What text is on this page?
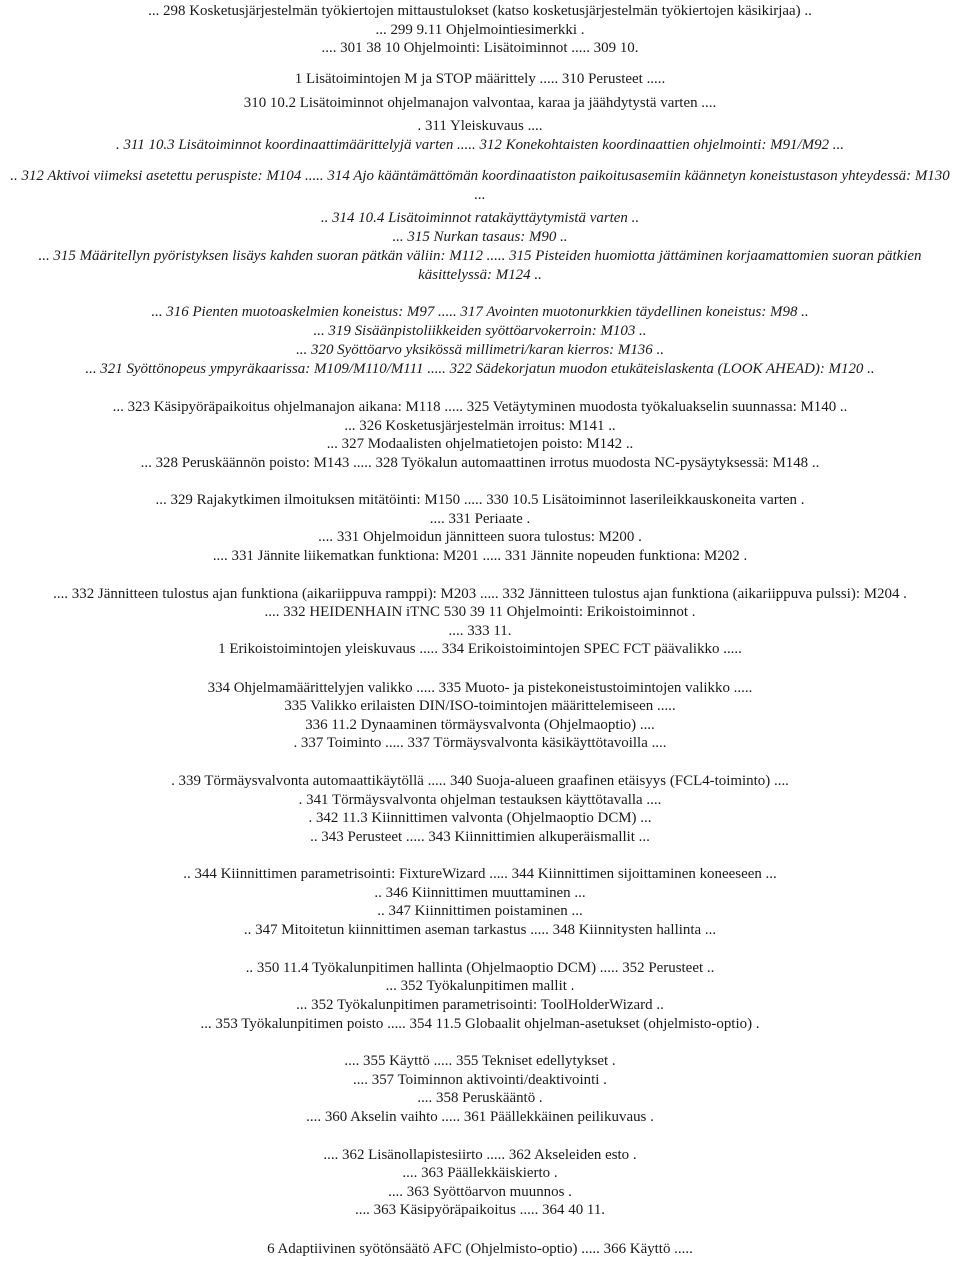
... 298 Kosketusjärjestelmän työkiertojen mittaustulokset (katso kosketusjärjestelmän työkiertojen käsikirjaa) ..
... 299 9.11 Ohjelmointiesimerkki .
.... 301 38 10 Ohjelmointi: Lisätoiminnot ..... 309 10.
1 Lisätoimintojen M ja STOP määrittely ..... 310 Perusteet .....
310 10.2 Lisätoiminnot ohjelmanajon valvontaa, karaa ja jäähdytystä varten ....
. 311 Yleiskuvaus ....
. 311 10.3 Lisätoiminnot koordinaattimäärittelyjä varten ..... 312 Konekohtaisten koordinaattien ohjelmointi: M91/M92 ...
.. 312 Aktivoi viimeksi asetettu peruspiste: M104 ..... 314 Ajo kääntämättömän koordinaatiston paikoitusasemiin käännetyn koneistustason yhteydessä: M130
...
.. 314 10.4 Lisätoiminnot ratakäyttäytymistä varten ..
... 315 Nurkan tasaus: M90 ..
... 315 Määritellyn pyöristyksen lisäys kahden suoran pätkän väliin: M112 ..... 315 Pisteiden huomiotta jättäminen korjaamattomien suoran pätkien
käsittelyssä: M124 ..
... 316 Pienten muotoaskelmien koneistus: M97 ..... 317 Avointen muotonurkkien täydellinen koneistus: M98 ..
... 319 Sisäänpistoliikkeiden syöttöarvokerroin: M103 ..
... 320 Syöttöarvo yksikössä millimetri/karan kierros: M136 ..
... 321 Syöttönopeus ympyräkaarissa: M109/M110/M111 ..... 322 Sädekorjatun muodon etukäteislaskenta (LOOK AHEAD): M120 ..
... 323 Käsipyöräpaikoitus ohjelmanajon aikana: M118 ..... 325 Vetäytyminen muodosta työkaluakselin suunnassa: M140 ..
... 326 Kosketusjärjestelmän irroitus: M141 ..
... 327 Modaalisten ohjelmatietojen poisto: M142 ..
... 328 Peruskäännön poisto: M143 ..... 328 Työkalun automaattinen irrotus muodosta NC-pysäytyksessä: M148 ..
... 329 Rajakytkimen ilmoituksen mitätöinti: M150 ..... 330 10.5 Lisätoiminnot laserileikkauskoneita varten .
.... 331 Periaate .
.... 331 Ohjelmoidun jännitteen suora tulostus: M200 .
.... 331 Jännite liikematkan funktiona: M201 ..... 331 Jännite nopeuden funktiona: M202 .
.... 332 Jännitteen tulostus ajan funktiona (aikariippuva ramppi): M203 ..... 332 Jännitteen tulostus ajan funktiona (aikariippuva pulssi): M204 .
.... 332 HEIDENHAIN iTNC 530 39 11 Ohjelmointi: Erikoistoiminnot .
.... 333 11.
1 Erikoistoimintojen yleiskuvaus ..... 334 Erikoistoimintojen SPEC FCT päävalikko .....
334 Ohjelmamäärittelyjen valikko ..... 335 Muoto- ja pistekoneistustoimintojen valikko .....
335 Valikko erilaisten DIN/ISO-toimintojen määrittelemiseen .....
336 11.2 Dynaaminen törmäysvalvonta (Ohjelmaoptio) ....
. 337 Toiminto ..... 337 Törmäysvalvonta käsikäyttötavoilla ....
. 339 Törmäysvalvonta automaattikäytöllä ..... 340 Suoja-alueen graafinen etäisyys (FCL4-toiminto) ....
. 341 Törmäysvalvonta ohjelman testauksen käyttötavalla ....
. 342 11.3 Kiinnittimen valvonta (Ohjelmaoptio DCM) ...
.. 343 Perusteet ..... 343 Kiinnittimien alkuperäismallit ...
.. 344 Kiinnittimen parametrisointi: FixtureWizard ..... 344 Kiinnittimen sijoittaminen koneeseen ...
.. 346 Kiinnittimen muuttaminen ...
.. 347 Kiinnittimen poistaminen ...
.. 347 Mitoitetun kiinnittimen aseman tarkastus ..... 348 Kiinnitysten hallinta ...
.. 350 11.4 Työkalunpitimen hallinta (Ohjelmaoptio DCM) ..... 352 Perusteet ..
... 352 Työkalunpitimen mallit .
... 352 Työkalunpitimen parametrisointi: ToolHolderWizard ..
... 353 Työkalunpitimen poisto ..... 354 11.5 Globaalit ohjelman-asetukset (ohjelmisto-optio) .
.... 355 Käyttö ..... 355 Tekniset edellytykset .
.... 357 Toiminnon aktivointi/deaktivointi .
.... 358 Peruskääntö .
.... 360 Akselin vaihto ..... 361 Päällekkäinen peilikuvaus .
.... 362 Lisänollapistesiirto ..... 362 Akseleiden esto .
.... 363 Päällekkäiskierto .
.... 363 Syöttöarvon muunnos .
.... 363 Käsipyöräpaikoitus ..... 364 40 11.
6 Adaptiivinen syötönsäätö AFC (Ohjelmisto-optio) ..... 366 Käyttö .....
